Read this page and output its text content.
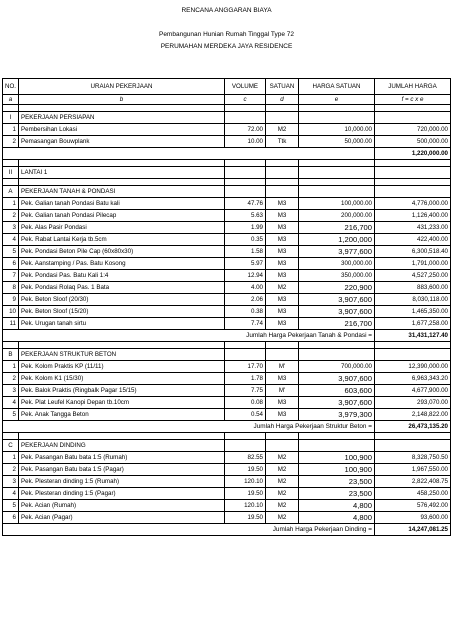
RENCANA ANGGARAN BIAYA
Pembangunan Hunian Rumah Tinggal Type 72
PERUMAHAN MERDEKA JAYA RESIDENCE
NO.	URAIAN PEKERJAAN	VOLUME	SATUAN	HARGA SATUAN	JUMLAH HARGA
a	b	c	d	e	f = c x e

I	PEKERJAAN PERSIAPAN				
1	Pembersihan Lokasi	72.00	M2	10,000.00	720,000.00
2	Pemasangan Bouwplank	10.00	Ttk	50,000.00	500,000.00
					1,220,000.00

II	LANTAI 1				

A	PEKERJAAN TANAH & PONDASI				
1	Pek. Galian tanah Pondasi Batu kali	47.76	M3	100,000.00	4,776,000.00
2	Pek. Galian tanah Pondasi Pilecap	5.63	M3	200,000.00	1,126,400.00
3	Pek. Alas Pasir Pondasi	1.99	M3	216,700	431,233.00
4	Pek. Rabat Lantai Kerja tb.5cm	0.35	M3	1,200,000	422,400.00
5	Pek. Pondasi Beton Pile Cap (60x80x30)	1.58	M3	3,977,600	6,300,518.40
6	Pek. Aanstamping / Pas. Batu Kosong	5.97	M3	300,000.00	1,791,000.00
7	Pek. Pondasi Pas. Batu Kali 1:4	12.94	M3	350,000.00	4,527,250.00
8	Pek. Pondasi Rolaq Pas. 1 Bata	4.00	M2	220,900	883,600.00
9	Pek. Beton Sloof (20/30)	2.06	M3	3,907,600	8,030,118.00
10	Pek. Beton Sloof (15/20)	0.38	M3	3,907,600	1,465,350.00
11	Pek. Urugan tanah sirtu	7.74	M3	216,700	1,677,258.00
Jumlah Harga Pekerjaan Tanah & Pondasi =					31,431,127.40

B	PEKERJAAN STRUKTUR BETON				
1	Pek. Kolom Praktis KP (11/11)	17.70	M'	700,000.00	12,390,000.00
2	Pek. Kolom K1 (15/30)	1.78	M3	3,907,600	6,963,343.20
3	Pek. Balok Praktis (Ringbalk Pagar 15/15)	7.75	M'	603,600	4,677,900.00
4	Pek. Plat Leufel Kanopi Depan tb.10cm	0.08	M3	3,907,600	293,070.00
5	Pek. Anak Tangga Beton	0.54	M3	3,979,300	2,148,822.00
Jumlah Harga Pekerjaan Struktur Beton =					26,473,135.20

C	PEKERJAAN DINDING				
1	Pek. Pasangan Batu bata 1:5 (Rumah)	82.55	M2	100,900	8,328,750.50
2	Pek. Pasangan Batu bata 1:5 (Pagar)	19.50	M2	100,900	1,967,550.00
3	Pek. Plesteran dinding 1:5 (Rumah)	120.10	M2	23,500	2,822,408.75
4	Pek. Plesteran dinding 1:5 (Pagar)	19.50	M2	23,500	458,250.00
5	Pek. Acian (Rumah)	120.10	M2	4,800	576,492.00
6	Pek. Acian (Pagar)	19.50	M2	4,800	93,600.00
Jumlah Harga Pekerjaan Dinding =					14,247,081.25
